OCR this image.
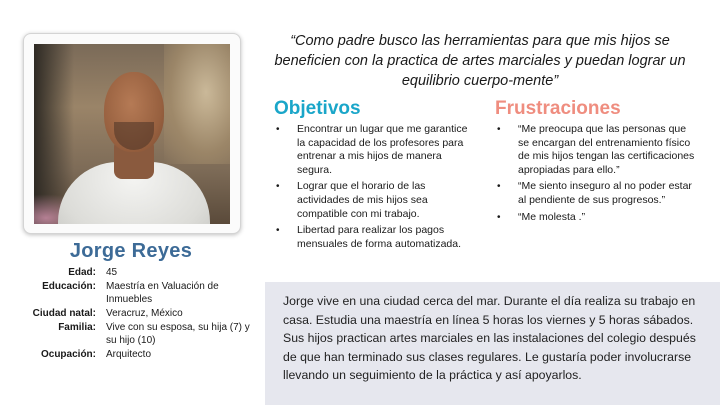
Jorge Reyes
Edad:	45
Educación:	Maestría en Valuación de Inmuebles
Ciudad natal:	Veracruz, México
Familia:	Vive con su esposa, su hija (7) y su hijo (10)
Ocupación:	Arquitecto
“Como padre busco las herramientas para que mis hijos se beneficien con la practica de artes marciales y puedan lograr un equilibrio cuerpo-mente”
Objetivos
• Encontrar un lugar que me garantice la capacidad de los profesores para entrenar a mis hijos de manera segura.
• Lograr que el horario de las actividades de mis hijos sea compatible con mi trabajo.
• Libertad para realizar los pagos mensuales de forma automatizada.
Frustraciones
• “Me preocupa que las personas que se encargan del entrenamiento físico de mis hijos tengan las certificaciones apropiadas para ello.”
• “Me siento inseguro al no poder estar al pendiente de sus progresos.”
• “Me molesta .”
Jorge vive en una ciudad cerca del mar. Durante el día realiza su trabajo en casa. Estudia una maestría en línea 5 horas los viernes y 5 horas sábados. Sus hijos practican artes marciales en las instalaciones del colegio después de que han terminado sus clases regulares. Le gustaría poder involucrarse llevando un seguimiento de la práctica y así apoyarlos.
